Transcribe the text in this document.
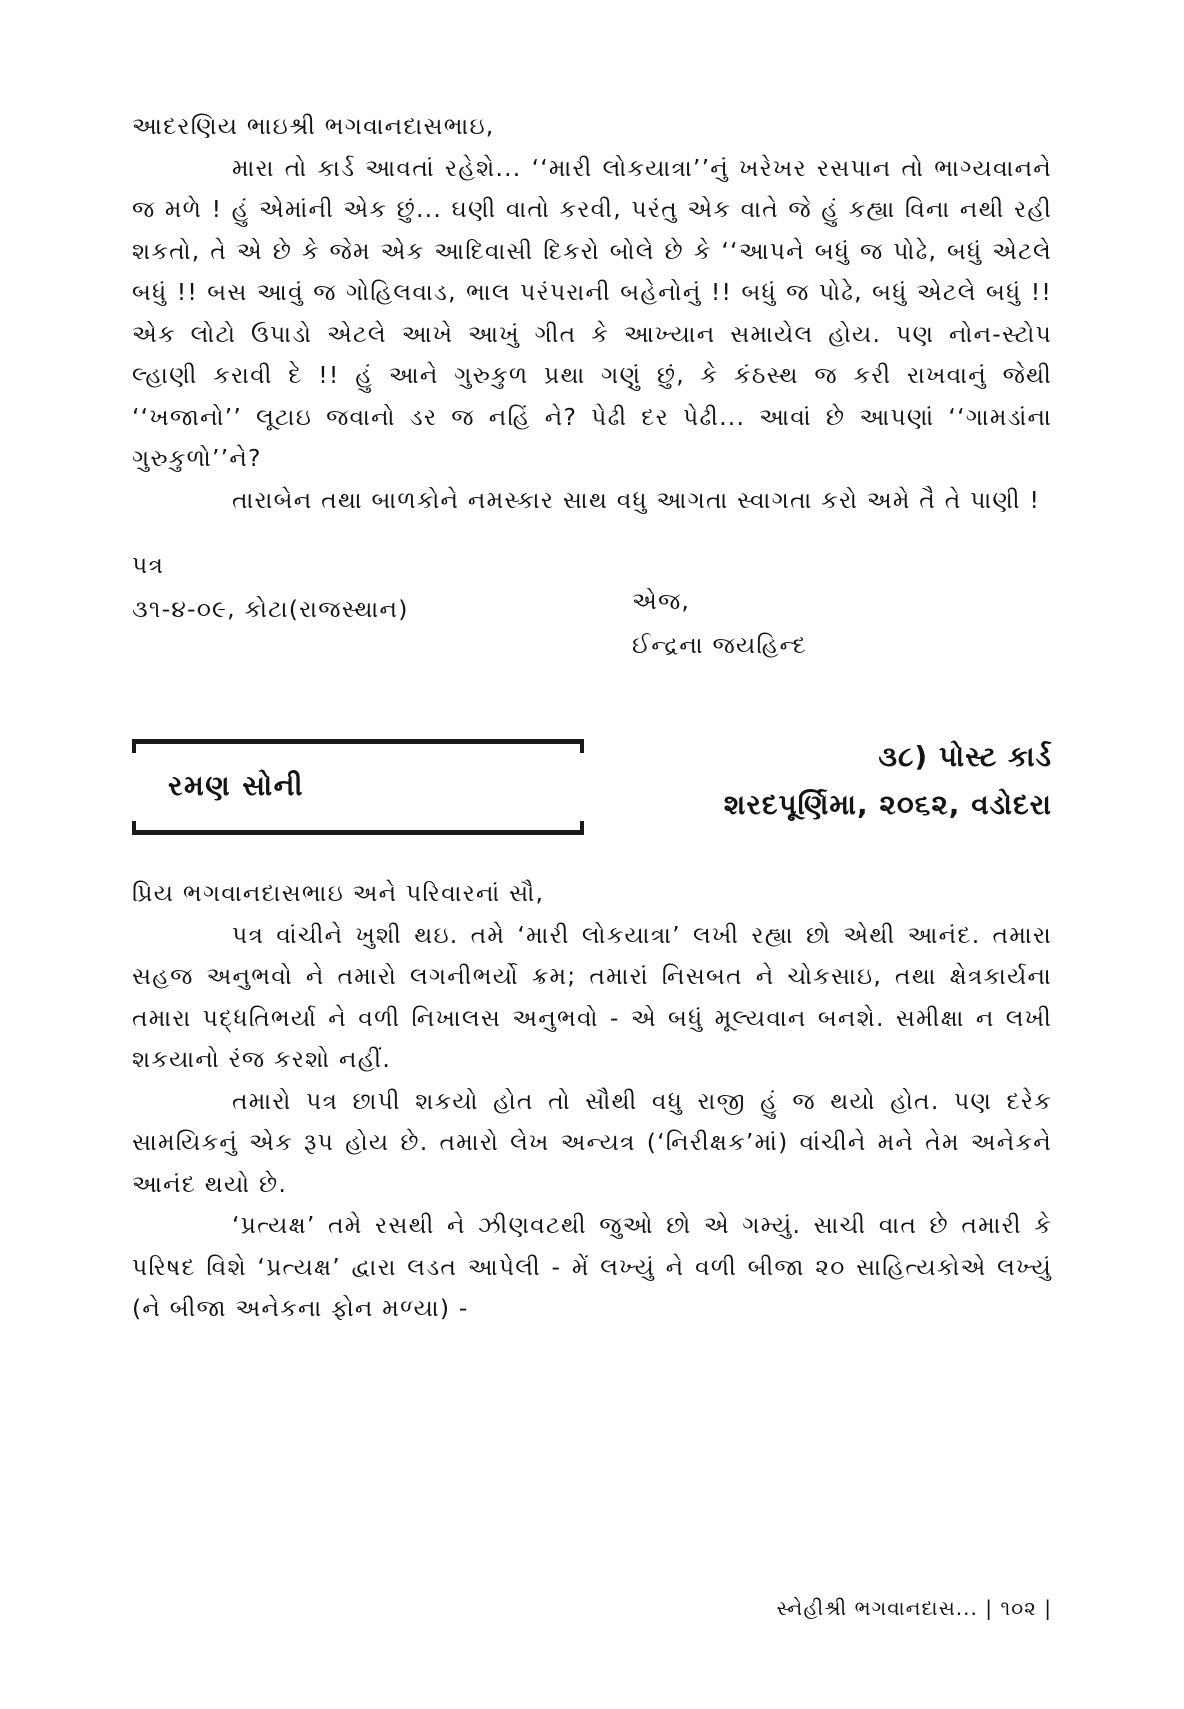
આદરણિય ભાઇશ્રી ભગવાનદાસભાઇ,

મારા તો કાર્ડ આવતાં રહેશે... ‘‘મારી લોકયાત્રા’’નું ખરેખર રસપાન તો ભાગ્યવાનને જ મળે ! હું એમાંની એક છું... ઘણી વાતો કરવી, પરંતુ એક વાતે જે હું કહ્યા વિના નથી રહી શકતો, તે એ છે કે જેમ એક આદિવાસી દિકરો બોલે છે કે ‘‘આપને બધું જ પોઢે, બધું એટલે બધું !! બસ આવું જ ગોહિલવાડ, ભાલ પરંપરાની બહેનોનું !! બધું જ પોઢે, બધું એટલે બધું !! એક લોટો ઉપાડો એટલે આખે આખું ગીત કે આખ્યાન સમાયેલ હોય. પણ નોન-સ્ટોપ લ્હાણી કરાવી દે !! હું આને ગુરુકુળ પ્રથા ગણું છું, કે કંઠસ્થ જ કરી રાખવાનું જેથી ‘‘ખજાનો’’ લૂટાઇ જવાનો ડર જ નહિં ને? પેઢી દર પેઢી... આવાં છે આપણાં ‘‘ગામડાંના ગુરુકુળો’’ને?

તારાબેન તથા બાળકોને નમસ્કાર સાથ વધુ આગતા સ્વાગતા કરો અમે તૈ તે પાણી !

પત્ર
૩૧-૪-૦૯, કોટા(રાજસ્થાન)	એજ,
ઈન્દ્રના જયહિન્દ
રમણ સોની
૩૮) પોસ્ટ કાર્ડ
શરદપૂર્ણિમા, ૨૦૬૨, વડોદરા

પ્રિય ભગવાનદાસભાઇ અને પરિવારનાં સૌ,

પત્ર વાંચીને ખુશી થઇ. તમે ‘મારી લોકયાત્રા’ લખી રહ્યા છો એથી આનંદ. તમારા સહજ અનુભવો ને તમારો લગનીભર્યો ક્રમ; તમારાં નિસબત ને ચોકસાઇ, તથા ક્ષેત્રકાર્યના તમારા પદ્ધતિભર્યા ને વળી નિખાલસ અનુભવો - એ બધું મૂલ્યવાન બનશે. સમીક્ષા ન લખી શકયાનો રંજ કરશો નહીં.

તમારો પત્ર છાપી શકયો હોત તો સૌથી વધુ રાજી હું જ થયો હોત. પણ દરેક સામયિકનું એક રૂપ હોય છે. તમારો લેખ અન્યત્ર (‘નિરીક્ષક’માં) વાંચીને મને તેમ અનેકને આનંદ થયો છે.

‘પ્રત્યક્ષ’ તમે રસથી ને ઝીણવટથી જુઓ છો એ ગમ્યું. સાચી વાત છે તમારી કે પરિષદ વિશે ‘પ્રત્યક્ષ’ દ્વારા લડત આપેલી - મેં લખ્યું ને વળી બીજા ૨૦ સાહિત્યકોએ લખ્યું (ને બીજા અનેકના ફોન મળ્યા) -

સ્નેહીશ્રી ભગવાનદાસ... | ૧૦૨ |
